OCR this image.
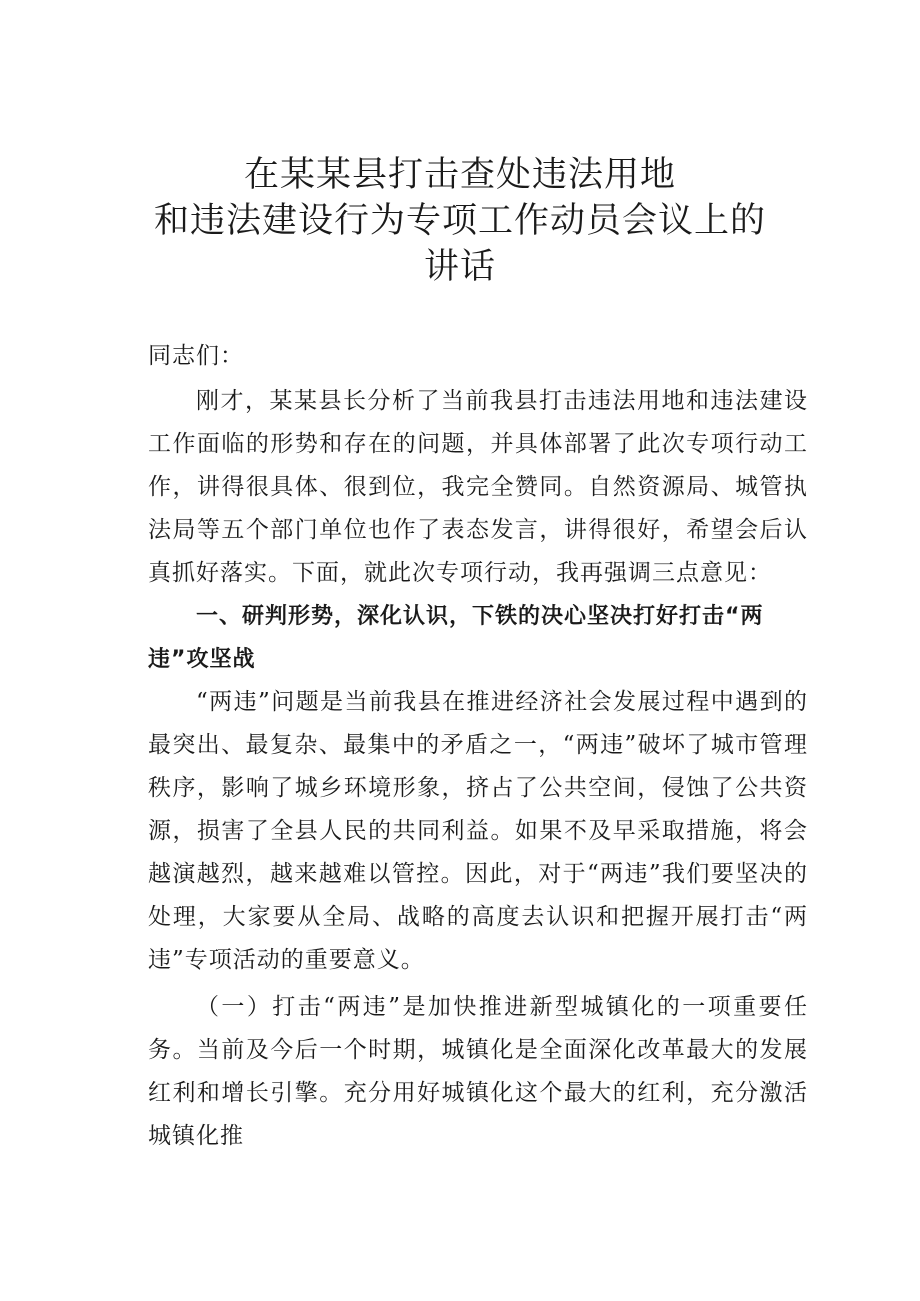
在某某县打击查处违法用地
和违法建设行为专项工作动员会议上的
讲话

同志们：

刚才，某某县长分析了当前我县打击违法用地和违法建设工作面临的形势和存在的问题，并具体部署了此次专项行动工作，讲得很具体、很到位，我完全赞同。自然资源局、城管执法局等五个部门单位也作了表态发言，讲得很好，希望会后认真抓好落实。下面，就此次专项行动，我再强调三点意见：

一、研判形势，深化认识，下铁的决心坚决打好打击“两违”攻坚战

“两违”问题是当前我县在推进经济社会发展过程中遇到的最突出、最复杂、最集中的矛盾之一，“两违”破坏了城市管理秩序，影响了城乡环境形象，挤占了公共空间，侵蚀了公共资源，损害了全县人民的共同利益。如果不及早采取措施，将会越演越烈，越来越难以管控。因此，对于“两违”我们要坚决的处理，大家要从全局、战略的高度去认识和把握开展打击“两违”专项活动的重要意义。

（一）打击“两违”是加快推进新型城镇化的一项重要任务。当前及今后一个时期，城镇化是全面深化改革最大的发展红利和增长引擎。充分用好城镇化这个最大的红利，充分激活城镇化推
